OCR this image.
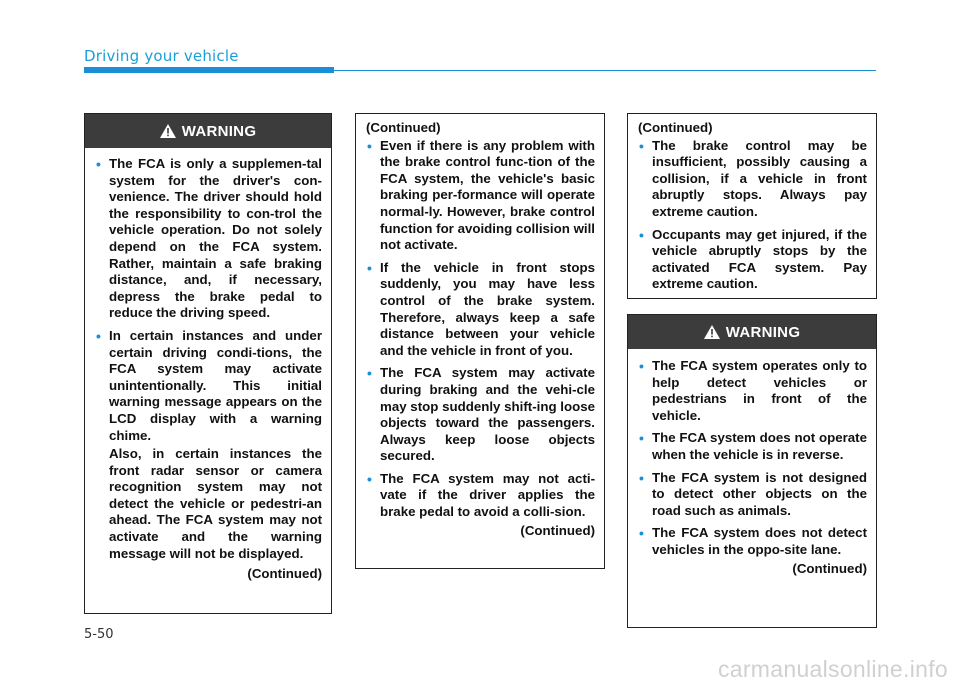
Driving your vehicle
WARNING
• The FCA is only a supplemen-tal system for the driver's con-venience. The driver should hold the responsibility to con-trol the vehicle operation. Do not solely depend on the FCA system. Rather, maintain a safe braking distance, and, if necessary, depress the brake pedal to reduce the driving speed.
• In certain instances and under certain driving condi-tions, the FCA system may activate unintentionally. This initial warning message appears on the LCD display with a warning chime.
Also, in certain instances the front radar sensor or camera recognition system may not detect the vehicle or pedestri-an ahead. The FCA system may not activate and the warning message will not be displayed.
(Continued)
(Continued)
• Even if there is any problem with the brake control func-tion of the FCA system, the vehicle's basic braking per-formance will operate normal-ly. However, brake control function for avoiding collision will not activate.
• If the vehicle in front stops suddenly, you may have less control of the brake system. Therefore, always keep a safe distance between your vehicle and the vehicle in front of you.
• The FCA system may activate during braking and the vehi-cle may stop suddenly shift-ing loose objects toward the passengers. Always keep loose objects secured.
• The FCA system may not acti-vate if the driver applies the brake pedal to avoid a colli-sion.
(Continued)
(Continued)
• The brake control may be insufficient, possibly causing a collision, if a vehicle in front abruptly stops. Always pay extreme caution.
• Occupants may get injured, if the vehicle abruptly stops by the activated FCA system. Pay extreme caution.
WARNING
• The FCA system operates only to help detect vehicles or pedestrians in front of the vehicle.
• The FCA system does not operate when the vehicle is in reverse.
• The FCA system is not designed to detect other objects on the road such as animals.
• The FCA system does not detect vehicles in the oppo-site lane.
(Continued)
5-50
carmanualsonline.info
